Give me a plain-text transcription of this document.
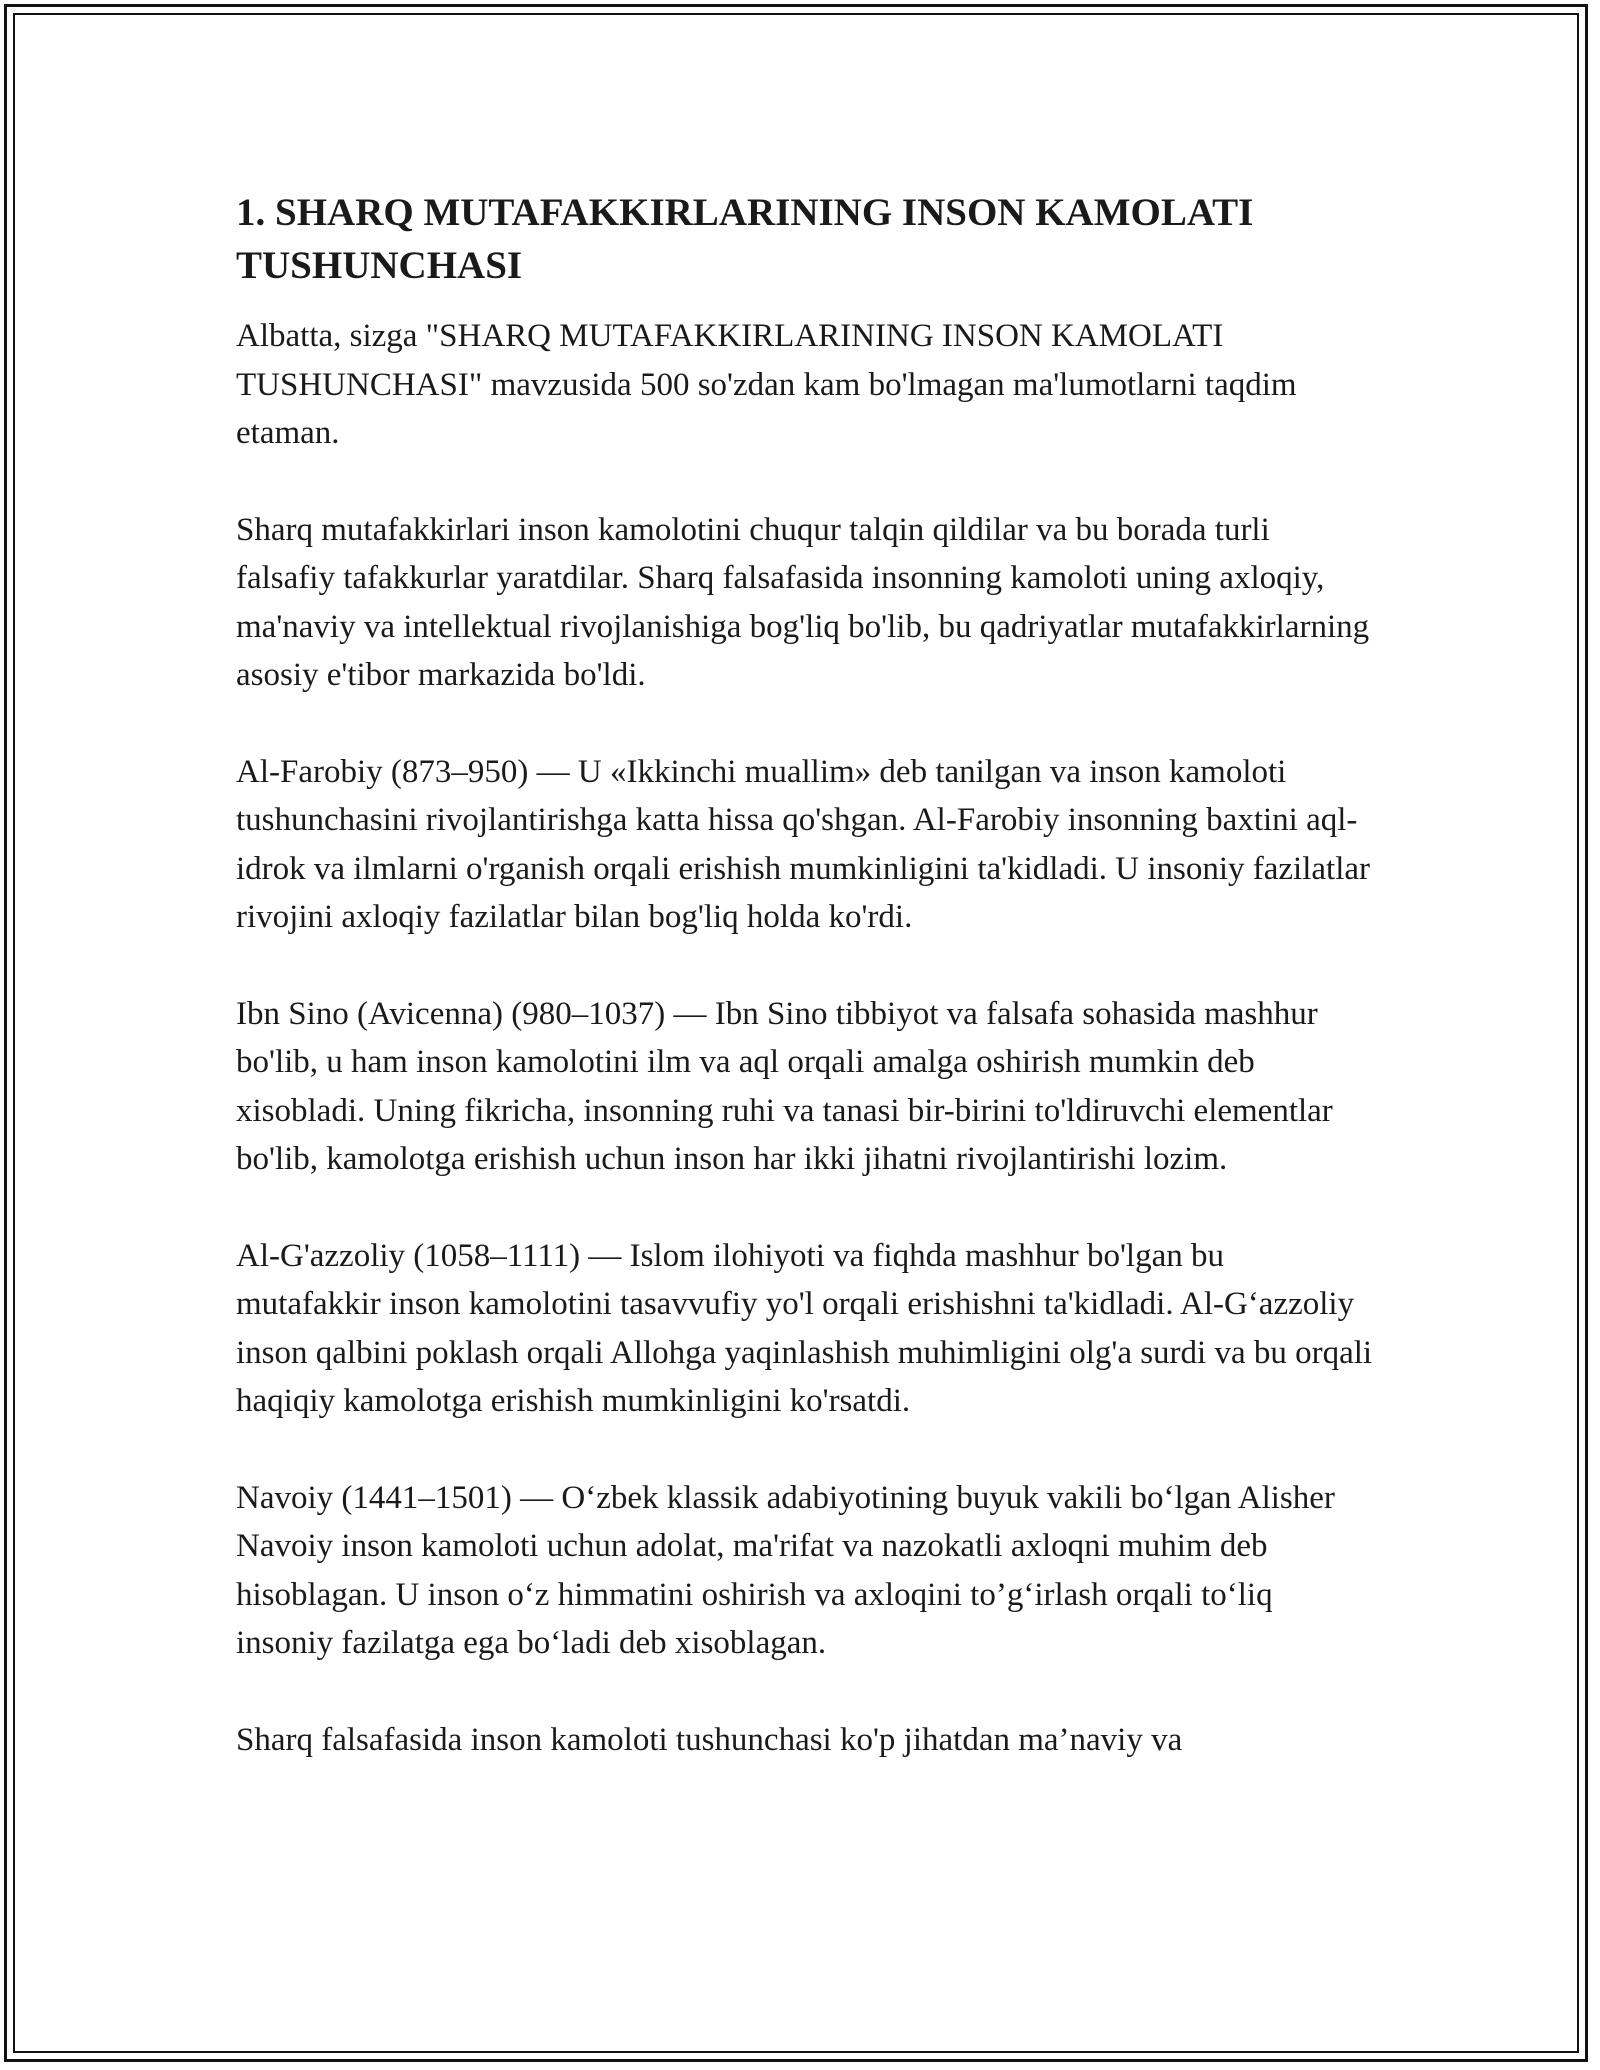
1. SHARQ MUTAFAKKIRLARINING INSON KAMOLATI TUSHUNCHASI

Albatta, sizga "SHARQ MUTAFAKKIRLARINING INSON KAMOLATI TUSHUNCHASI" mavzusida 500 so'zdan kam bo'lmagan ma'lumotlarni taqdim etaman.

Sharq mutafakkirlari inson kamolotini chuqur talqin qildilar va bu borada turli falsafiy tafakkurlar yaratdilar. Sharq falsafasida insonning kamoloti uning axloqiy, ma'naviy va intellektual rivojlanishiga bog'liq bo'lib, bu qadriyatlar mutafakkirlarning asosiy e'tibor markazida bo'ldi.

Al-Farobiy (873–950) — U «Ikkinchi muallim» deb tanilgan va inson kamoloti tushunchasini rivojlantirishga katta hissa qo'shgan. Al-Farobiy insonning baxtini aql-idrok va ilmlarni o'rganish orqali erishish mumkinligini ta'kidladi. U insoniy fazilatlar rivojini axloqiy fazilatlar bilan bog'liq holda ko'rdi.

Ibn Sino (Avicenna) (980–1037) — Ibn Sino tibbiyot va falsafa sohasida mashhur bo'lib, u ham inson kamolotini ilm va aql orqali amalga oshirish mumkin deb xisobladi. Uning fikricha, insonning ruhi va tanasi bir-birini to'ldiruvchi elementlar bo'lib, kamolotga erishish uchun inson har ikki jihatni rivojlantirishi lozim.

Al-G'azzoliy (1058–1111) — Islom ilohiyoti va fiqhda mashhur bo'lgan bu mutafakkir inson kamolotini tasavvufiy yo'l orqali erishishni ta'kidladi. Al-G‘azzoliy inson qalbini poklash orqali Allohga yaqinlashish muhimligini olg'a surdi va bu orqali haqiqiy kamolotga erishish mumkinligini ko'rsatdi.

Navoiy (1441–1501) — O‘zbek klassik adabiyotining buyuk vakili bo‘lgan Alisher Navoiy inson kamoloti uchun adolat, ma'rifat va nazokatli axloqni muhim deb hisoblagan. U inson o‘z himmatini oshirish va axloqini to’g‘irlash orqali to‘liq insoniy fazilatga ega bo‘ladi deb xisoblagan.

Sharq falsafasida inson kamoloti tushunchasi ko'p jihatdan ma’naviy va
